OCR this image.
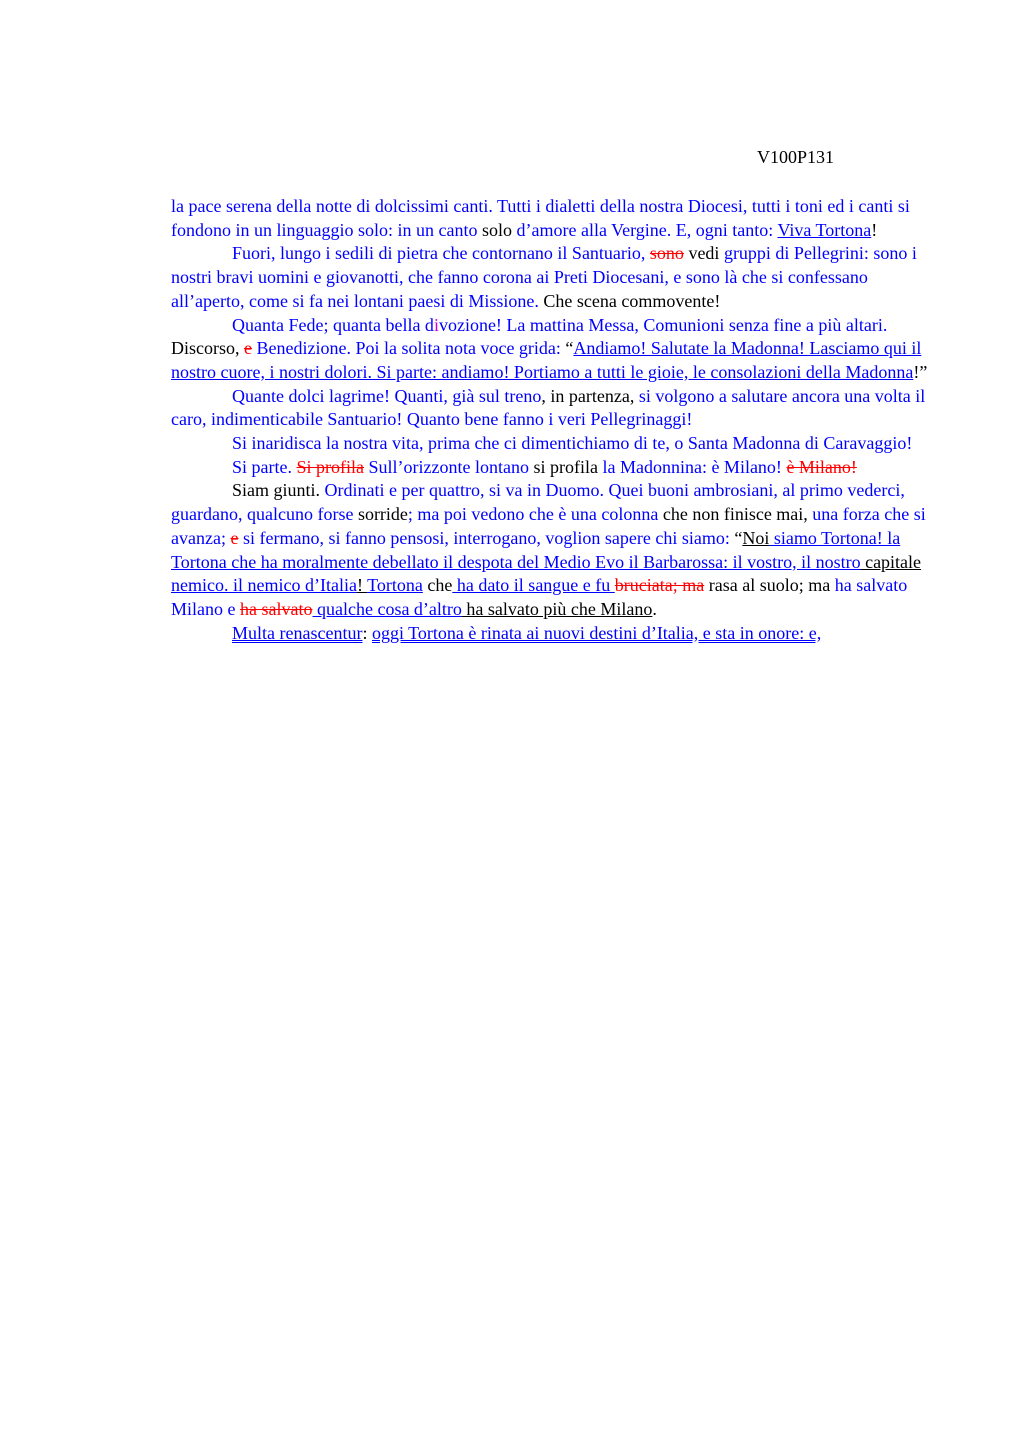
V100P131

la pace serena della notte di dolcissimi canti. Tutti i dialetti della nostra Diocesi, tutti i toni ed i canti si fondono in un linguaggio solo: in un canto solo d’amore alla Vergine. E, ogni tanto: Viva Tortona!

Fuori, lungo i sedili di pietra che contornano il Santuario, sono vedi gruppi di Pellegrini: sono i nostri bravi uomini e giovanotti, che fanno corona ai Preti Diocesani, e sono là che si confessano all’aperto, come si fa nei lontani paesi di Missione. Che scena commovente!

Quanta Fede; quanta bella divozione! La mattina Messa, Comunioni senza fine a più altari. Discorso, e Benedizione. Poi la solita nota voce grida: “Andiamo! Salutate la Madonna! Lasciamo qui il nostro cuore, i nostri dolori. Si parte: andiamo! Portiamo a tutti le gioie, le consolazioni della Madonna!”

Quante dolci lagrime! Quanti, già sul treno, in partenza, si volgono a salutare ancora una volta il caro, indimenticabile Santuario! Quanto bene fanno i veri Pellegrinaggi!

Si inaridisca la nostra vita, prima che ci dimentichiamo di te, o Santa Madonna di Caravaggio!

Si parte. Si profila Sull’orizzonte lontano si profila la Madonnina: è Milano! è Milano!

Siam giunti. Ordinati e per quattro, si va in Duomo. Quei buoni ambrosiani, al primo vederci, guardano, qualcuno forse sorride; ma poi vedono che è una colonna che non finisce mai, una forza che si avanza; e si fermano, si fanno pensosi, interrogano, voglion sapere chi siamo: “Noi siamo Tortona! la Tortona che ha moralmente debellato il despota del Medio Evo il Barbarossa: il vostro, il nostro capitale nemico. il nemico d’Italia! Tortona che ha dato il sangue e fu bruciata; ma rasa al suolo; ma ha salvato Milano e ha salvato qualche cosa d’altro ha salvato più che Milano.

Multa renascentur: oggi Tortona è rinata ai nuovi destini d’Italia, e sta in onore: e,
